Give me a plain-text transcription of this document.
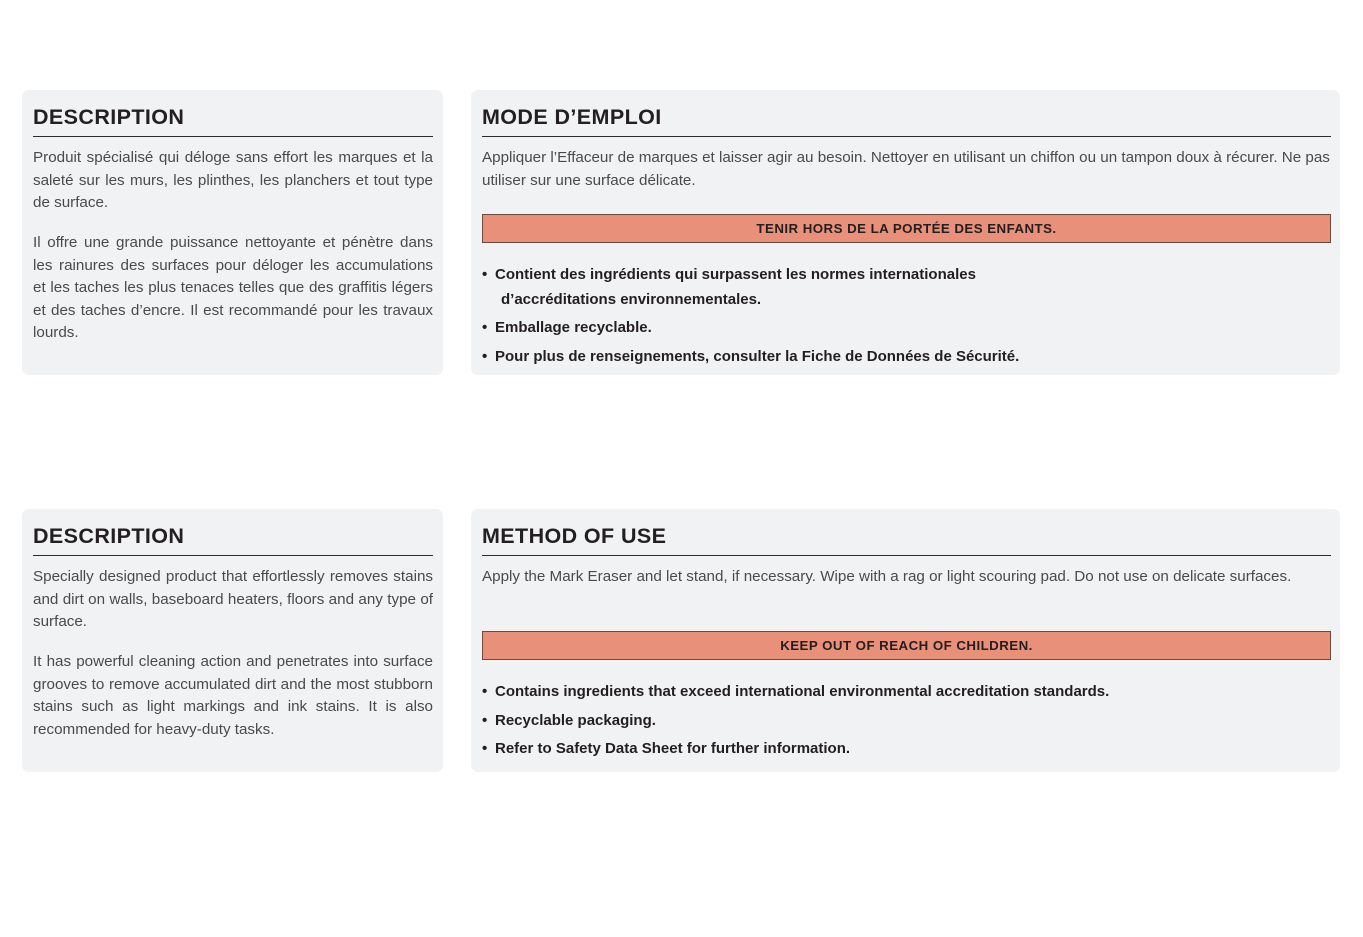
DESCRIPTION

Produit spécialisé qui déloge sans effort les marques et la saleté sur les murs, les plinthes, les planchers et tout type de surface.

Il offre une grande puissance nettoyante et pénètre dans les rainures des surfaces pour déloger les accumulations et les taches les plus tenaces telles que des graffitis légers et des taches d’encre. Il est recommandé pour les travaux lourds.

MODE D’EMPLOI

Appliquer l’Effaceur de marques et laisser agir au besoin. Nettoyer en utilisant un chiffon ou un tampon doux à récurer. Ne pas utiliser sur une surface délicate.

TENIR HORS DE LA PORTÉE DES ENFANTS.
• Contient des ingrédients qui surpassent les normes internationales
d’accréditations environnementales.
• Emballage recyclable.
• Pour plus de renseignements, consulter la Fiche de Données de Sécurité.
DESCRIPTION

Specially designed product that effortlessly removes stains and dirt on walls, baseboard heaters, floors and any type of surface.

It has powerful cleaning action and penetrates into surface grooves to remove accumulated dirt and the most stubborn stains such as light markings and ink stains. It is also recommended for heavy-duty tasks.

METHOD OF USE

Apply the Mark Eraser and let stand, if necessary. Wipe with a rag or light scouring pad. Do not use on delicate surfaces.

KEEP OUT OF REACH OF CHILDREN.
• Contains ingredients that exceed international environmental accreditation standards.
• Recyclable packaging.
• Refer to Safety Data Sheet for further information.
